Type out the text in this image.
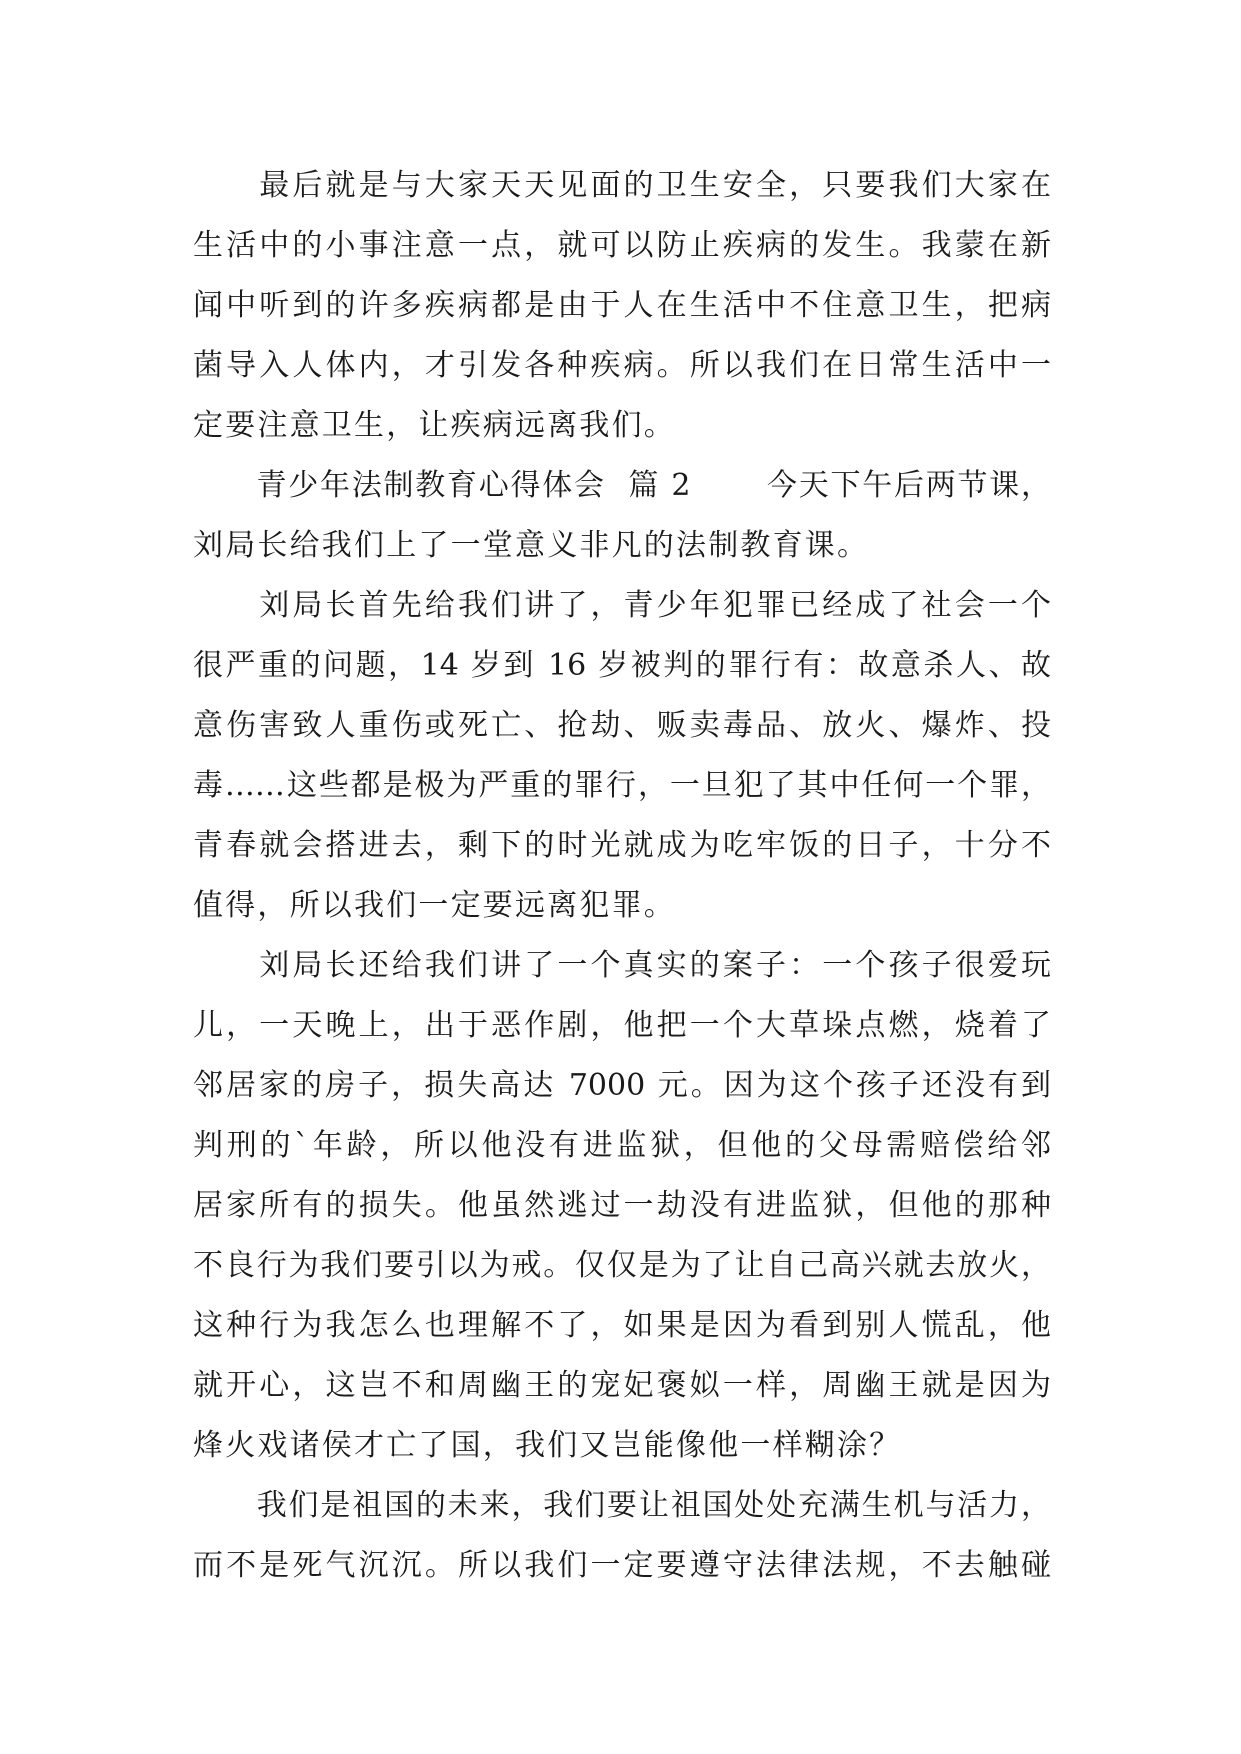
　　最后就是与大家天天见面的卫生安全，只要我们大家在
生活中的小事注意一点，就可以防止疾病的发生。我蒙在新
闻中听到的许多疾病都是由于人在生活中不住意卫生，把病
菌导入人体内，才引发各种疾病。所以我们在日常生活中一
定要注意卫生，让疾病远离我们。
　　青少年法制教育心得体会  篇 2　　 今天下午后两节课，
刘局长给我们上了一堂意义非凡的法制教育课。
　　刘局长首先给我们讲了，青少年犯罪已经成了社会一个
很严重的问题，14 岁到 16 岁被判的罪行有：故意杀人、故
意伤害致人重伤或死亡、抢劫、贩卖毒品、放火、爆炸、投
毒……这些都是极为严重的罪行，一旦犯了其中任何一个罪，
青春就会搭进去，剩下的时光就成为吃牢饭的日子，十分不
值得，所以我们一定要远离犯罪。
　　刘局长还给我们讲了一个真实的案子：一个孩子很爱玩
儿，一天晚上，出于恶作剧，他把一个大草垛点燃，烧着了
邻居家的房子，损失高达 7000 元。因为这个孩子还没有到
判刑的`年龄，所以他没有进监狱，但他的父母需赔偿给邻
居家所有的损失。他虽然逃过一劫没有进监狱，但他的那种
不良行为我们要引以为戒。仅仅是为了让自己高兴就去放火，
这种行为我怎么也理解不了，如果是因为看到别人慌乱，他
就开心，这岂不和周幽王的宠妃褒姒一样，周幽王就是因为
烽火戏诸侯才亡了国，我们又岂能像他一样糊涂？
　　我们是祖国的未来，我们要让祖国处处充满生机与活力，
而不是死气沉沉。所以我们一定要遵守法律法规，不去触碰
